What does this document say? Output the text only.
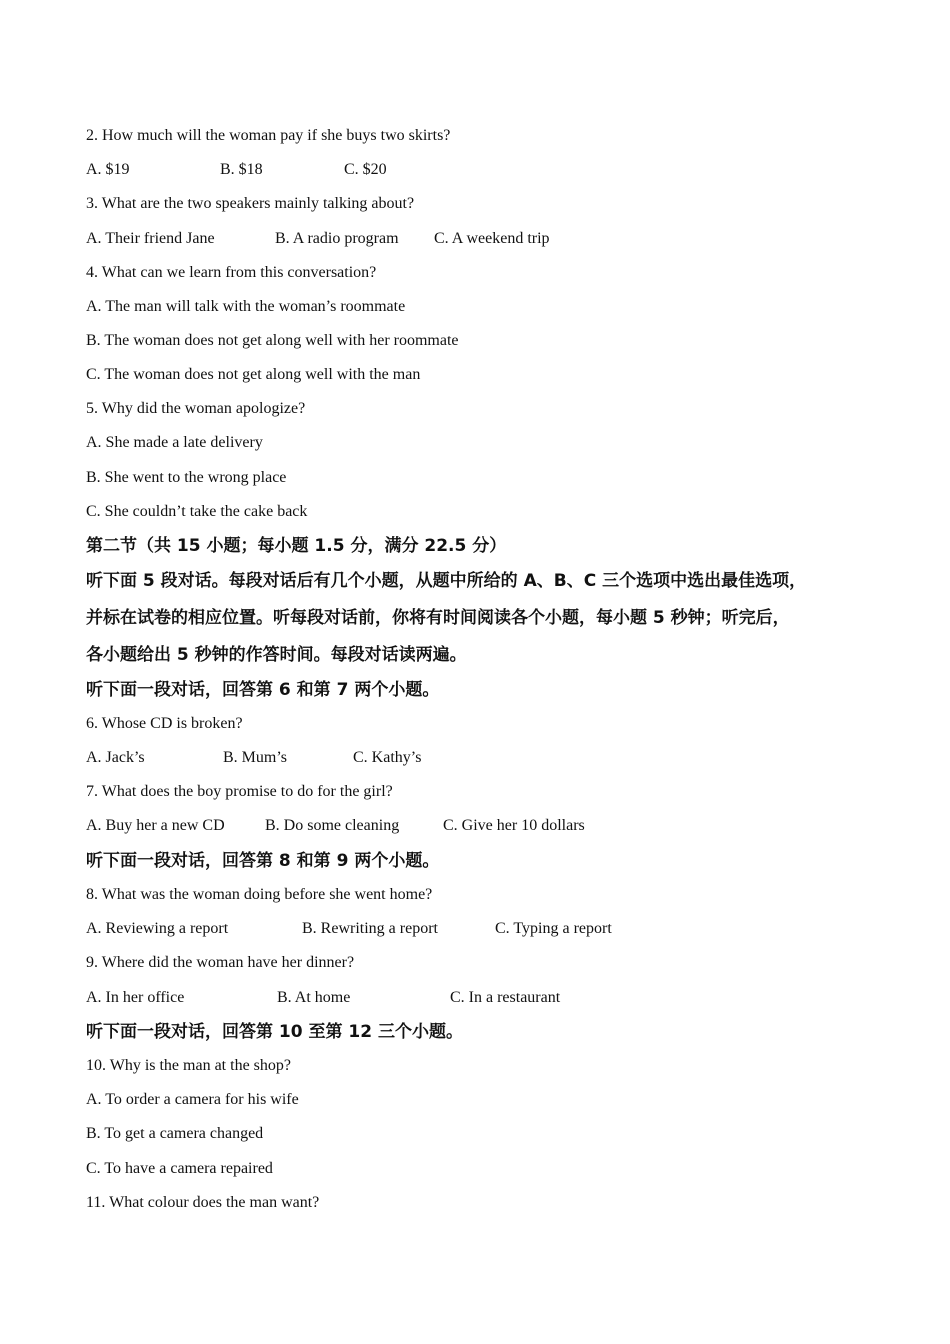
2. How much will the woman pay if she buys two skirts?
A. $19	B. $18	C. $20
3. What are the two speakers mainly talking about?
A. Their friend Jane	B. A radio program C. A weekend trip
4. What can we learn from this conversation?
A. The man will talk with the woman’s roommate
B. The woman does not get along well with her roommate
C. The woman does not get along well with the man
5. Why did the woman apologize?
A. She made a late delivery
B. She went to the wrong place
C. She couldn’t take the cake back
第二节（共 15 小题；每小题 1.5 分，满分 22.5 分）
听下面 5 段对话。每段对话后有几个小题，从题中所给的 A、B、C 三个选项中选出最佳选项，
并标在试卷的相应位置。听每段对话前，你将有时间阅读各个小题，每小题 5 秒钟；听完后，
各小题给出 5 秒钟的作答时间。每段对话读两遍。
听下面一段对话，回答第 6 和第 7 两个小题。
6. Whose CD is broken?
A. Jack’s	B. Mum’s	C. Kathy’s
7. What does the boy promise to do for the girl?
A. Buy her a new CD	B. Do some cleaning	C. Give her 10 dollars
听下面一段对话，回答第 8 和第 9 两个小题。
8. What was the woman doing before she went home?
A. Reviewing a report	B. Rewriting a report	C. Typing a report
9. Where did the woman have her dinner?
A. In her office	B. At home	C. In a restaurant
听下面一段对话，回答第 10 至第 12 三个小题。
10. Why is the man at the shop?
A. To order a camera for his wife
B. To get a camera changed
C. To have a camera repaired
11. What colour does the man want?
